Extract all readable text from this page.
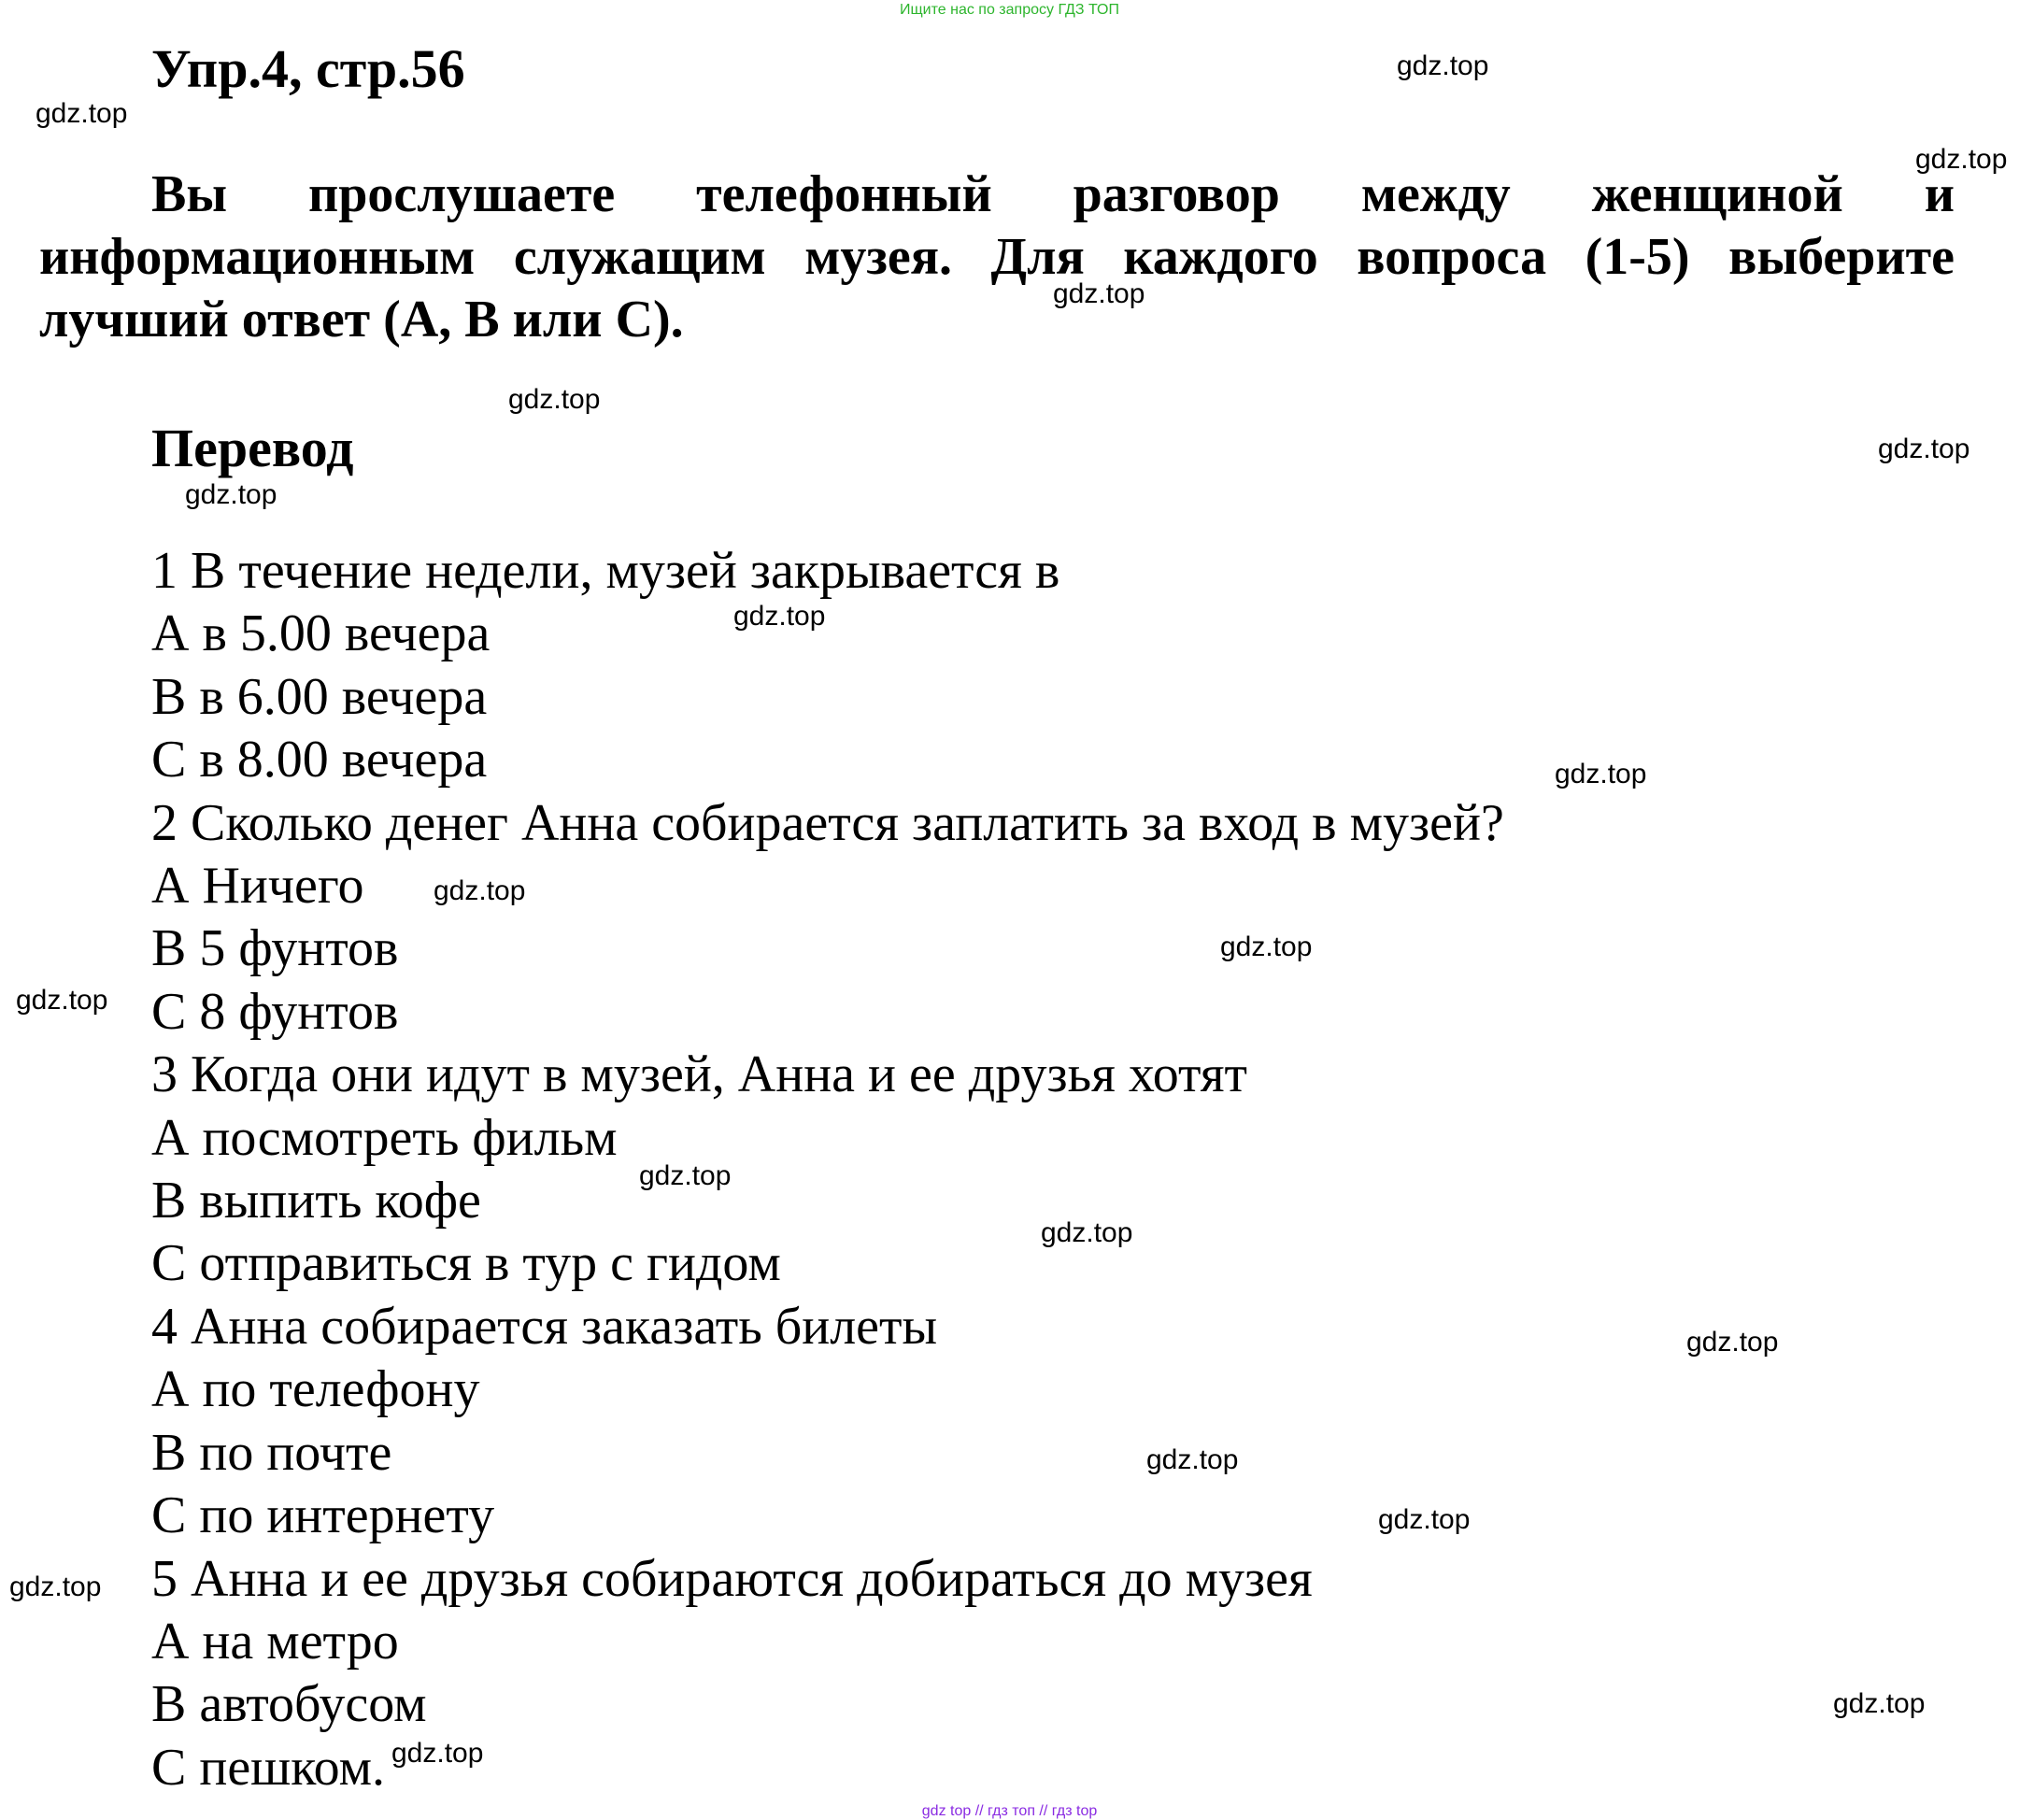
Ищите нас по запросу ГДЗ ТОП
Упр.4, стр.56
Вы прослушаете телефонный разговор между женщиной и информационным служащим музея. Для каждого вопроса (1-5) выберите лучший ответ (А, В или С).
Перевод
1 В течение недели, музей закрывается в
А в 5.00 вечера
В в 6.00 вечера
С в 8.00 вечера
2 Сколько денег Анна собирается заплатить за вход в музей?
А Ничего
В 5 фунтов
С 8 фунтов
3 Когда они идут в музей, Анна и ее друзья хотят
А посмотреть фильм
В выпить кофе
С отправиться в тур с гидом
4 Анна собирается заказать билеты
А по телефону
В по почте
С по интернету
5 Анна и ее друзья собираются добираться до музея
А на метро
В автобусом
С пешком.
gdz.top
gdz.top
gdz.top
gdz.top
gdz.top
gdz.top
gdz.top
gdz.top
gdz.top
gdz.top
gdz.top
gdz.top
gdz.top
gdz.top
gdz.top
gdz.top
gdz.top
gdz.top
gdz.top
gdz.top
gdz top // гдз топ // гдз top
